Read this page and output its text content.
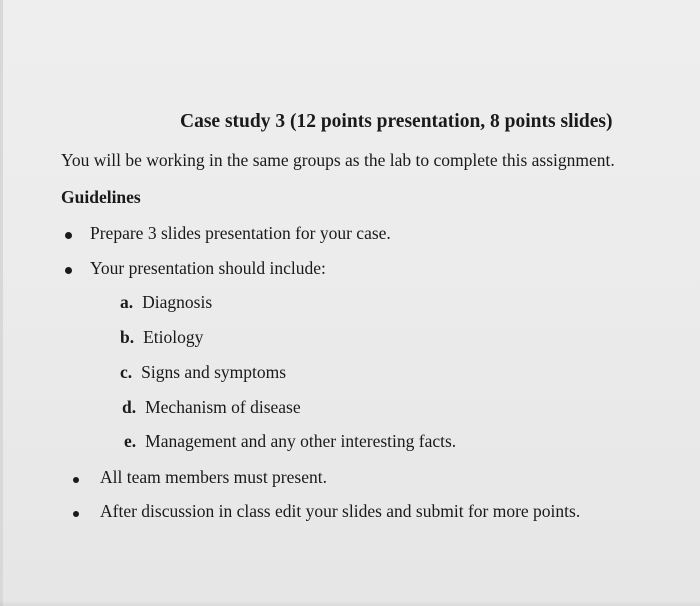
Case study 3 (12 points presentation, 8 points slides)
You will be working in the same groups as the lab to complete this assignment.
Guidelines
Prepare 3 slides presentation for your case.
Your presentation should include:
a. Diagnosis
b. Etiology
c. Signs and symptoms
d. Mechanism of disease
e. Management and any other interesting facts.
All team members must present.
After discussion in class edit your slides and submit for more points.
